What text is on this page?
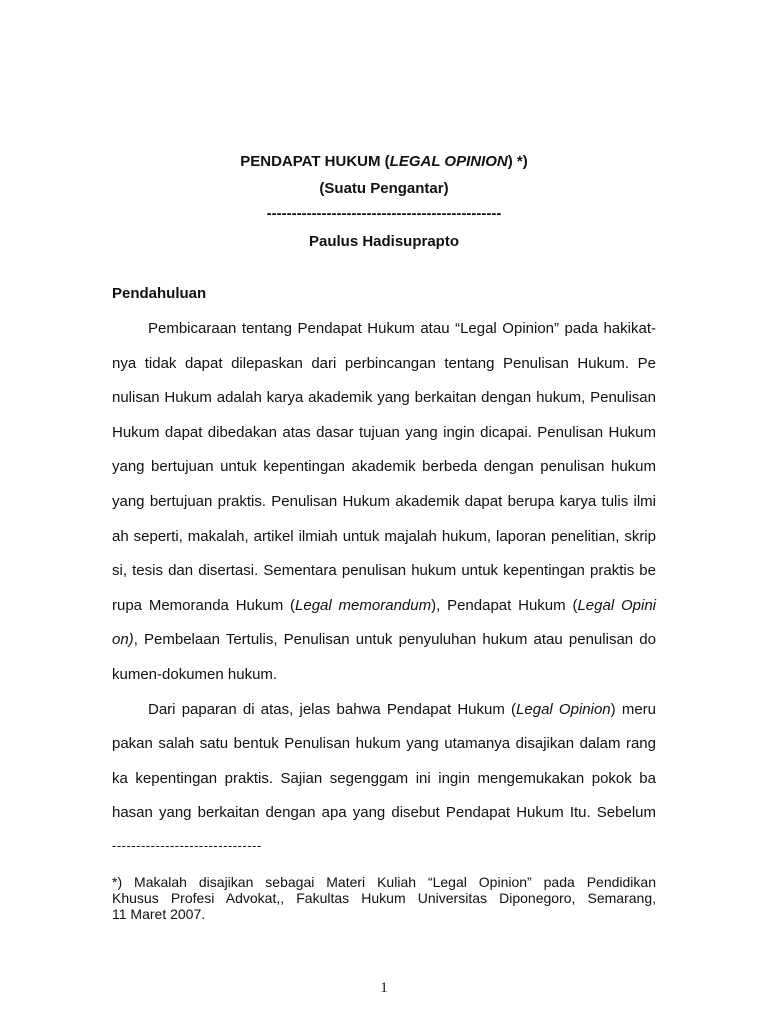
PENDAPAT HUKUM (LEGAL OPINION) *)
(Suatu Pengantar)
-----------------------------------------------
Paulus Hadisuprapto
Pendahuluan
Pembicaraan tentang Pendapat Hukum atau “Legal Opinion” pada hakikat-
nya tidak dapat dilepaskan dari perbincangan tentang Penulisan Hukum. Pe
nulisan Hukum adalah karya akademik yang berkaitan dengan hukum, Penulisan
Hukum dapat dibedakan atas dasar tujuan yang ingin dicapai. Penulisan Hukum
yang bertujuan untuk kepentingan akademik berbeda dengan penulisan hukum
yang bertujuan praktis. Penulisan Hukum akademik dapat berupa karya tulis ilmi
ah seperti, makalah, artikel ilmiah untuk majalah hukum, laporan penelitian, skrip
si, tesis dan disertasi. Sementara penulisan hukum untuk kepentingan praktis be
rupa Memoranda Hukum (Legal memorandum), Pendapat Hukum (Legal Opini
on), Pembelaan Tertulis, Penulisan untuk penyuluhan hukum atau penulisan do
kumen-dokumen hukum.
Dari paparan di atas, jelas bahwa Pendapat Hukum (Legal Opinion) meru
pakan salah satu bentuk Penulisan hukum yang utamanya disajikan dalam rang
ka kepentingan praktis. Sajian segenggam ini ingin mengemukakan pokok ba
hasan yang berkaitan dengan apa yang disebut Pendapat Hukum Itu. Sebelum
-------------------------------
*) Makalah disajikan sebagai Materi Kuliah “Legal Opinion” pada Pendidikan
Khusus Profesi Advokat,, Fakultas Hukum Universitas Diponegoro, Semarang,
11 Maret 2007.
1
